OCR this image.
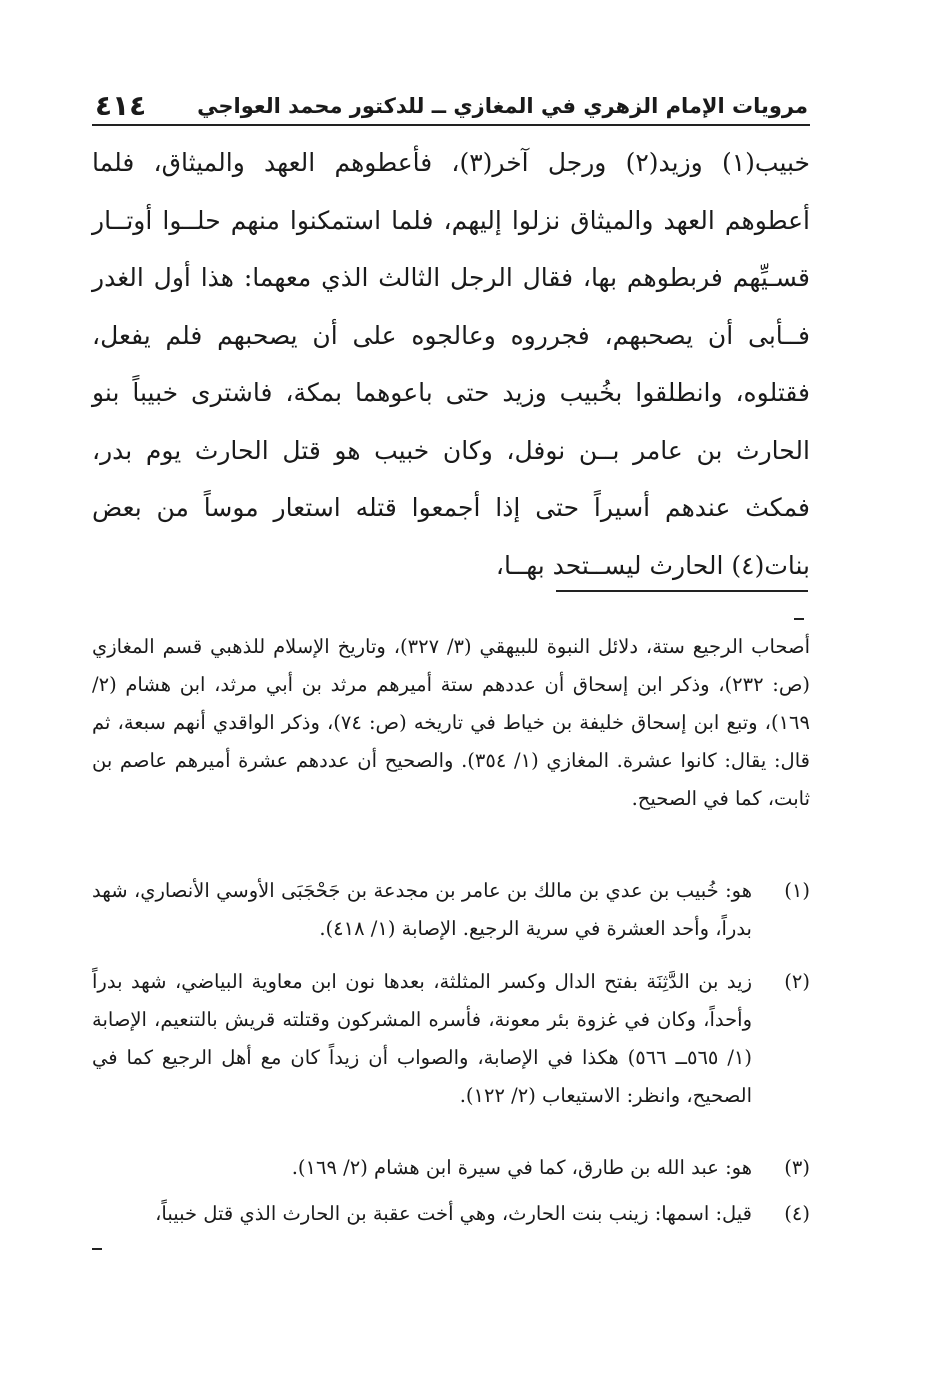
مرويات الإمام الزهري في المغازي ــ للدكتور محمد العواجي
٤١٤

خبيب(١) وزيد(٢) ورجل آخر(٣)، فأعطوهم العهد والميثاق، فلما أعطوهم العهد والميثاق نزلوا إليهم، فلما استمكنوا منهم حلــوا أوتــار قسـيِّهم فربطوهم بها، فقال الرجل الثالث الذي معهما: هذا أول الغدر فــأبى أن يصحبهم، فجرروه وعالجوه على أن يصحبهم فلم يفعل، فقتلوه، وانطلقوا بخُبيب وزيد حتى باعوهما بمكة، فاشترى خبيباً بنو الحارث بن عامر بــن نوفل، وكان خبيب هو قتل الحارث يوم بدر، فمكث عندهم أسيراً حتى إذا أجمعوا قتله استعار موساً من بعض بنات(٤) الحارث ليســتحد بهــا،

أصحاب الرجيع ستة، دلائل النبوة للبيهقي (٣/ ٣٢٧)، وتاريخ الإسلام للذهبي قسم المغازي (ص: ٢٣٢)، وذكر ابن إسحاق أن عددهم ستة أميرهم مرثد بن أبي مرثد، ابن هشام (٢/ ١٦٩)، وتبع ابن إسحاق خليفة بن خياط في تاريخه (ص: ٧٤)، وذكر الواقدي أنهم سبعة، ثم قال: يقال: كانوا عشرة. المغازي (١/ ٣٥٤). والصحيح أن عددهم عشرة أميرهم عاصم بن ثابت، كما في الصحيح.

(١)
هو: خُبيب بن عدي بن مالك بن عامر بن مجدعة بن جَحْجَبَى الأوسي الأنصاري، شهد بدراً، وأحد العشرة في سرية الرجيع. الإصابة (١/ ٤١٨).
(٢)
زيد بن الدَّثِنَة بفتح الدال وكسر المثلثة، بعدها نون ابن معاوية البياضي، شهد بدراً وأحداً، وكان في غزوة بئر معونة، فأسره المشركون وقتلته قريش بالتنعيم، الإصابة (١/ ٥٦٥ــ ٥٦٦) هكذا في الإصابة، والصواب أن زيداً كان مع أهل الرجيع كما في الصحيح، وانظر: الاستيعاب (٢/ ١٢٢).
(٣)
هو: عبد الله بن طارق، كما في سيرة ابن هشام (٢/ ١٦٩).
(٤)
قيل: اسمها: زينب بنت الحارث، وهي أخت عقبة بن الحارث الذي قتل خبيباً،
